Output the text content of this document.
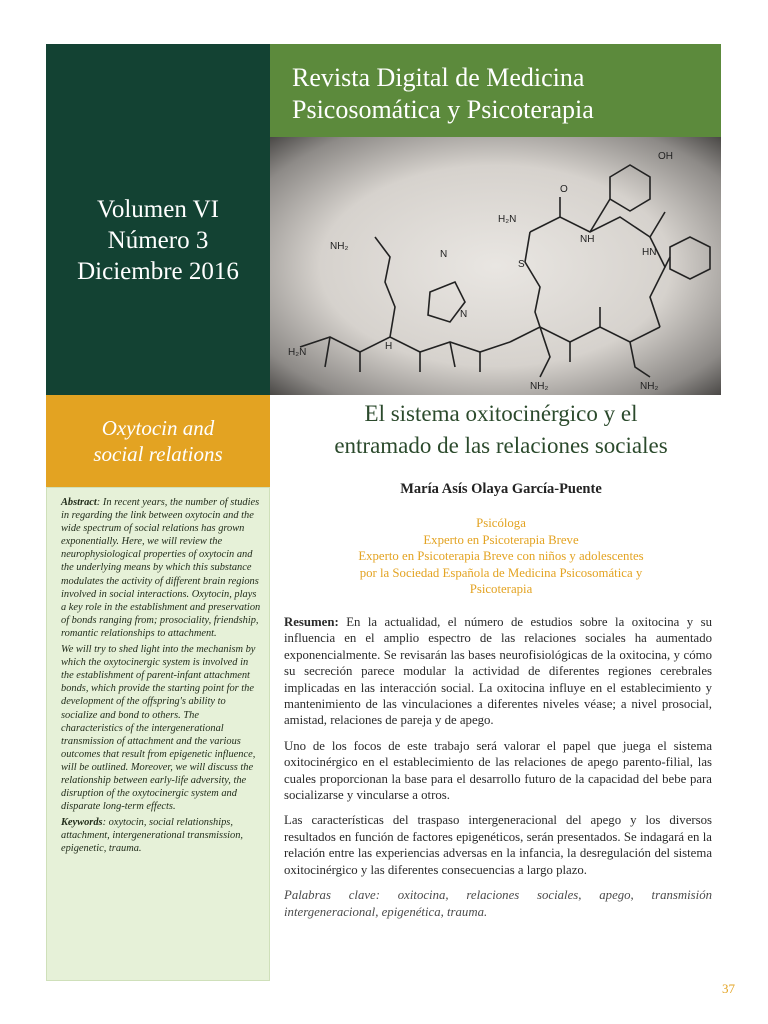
Volumen VI
Número 3
Diciembre 2016
Revista Digital de Medicina
Psicosomática y Psicoterapia
OH
H₂N
NH₂
HN
NH
H
N
O
S
N
NH₂	NH₂
H₂N
Oxytocin and
social relations

Abstract: In recent years, the number of studies in regarding the link between oxytocin and the wide spectrum of social relations has grown exponentially. Here, we will review the neurophysiological properties of oxytocin and the underlying means by which this substance modulates the activity of different brain regions involved in social interactions. Oxytocin, plays a key role in the establishment and preservation of bonds ranging from; prosociality, friendship, romantic relationships to attachment.

We will try to shed light into the mechanism by which the oxytocinergic system is involved in the establishment of parent-infant attachment bonds, which provide the starting point for the development of the offspring's ability to socialize and bond to others. The characteristics of the intergenerational transmission of attachment and the various outcomes that result from epigenetic influence, will be outlined. Moreover, we will discuss the relationship between early-life adversity, the disruption of the oxytocinergic system and disparate long-term effects.

Keywords: oxytocin, social relationships, attachment, intergenerational transmission, epigenetic, trauma.

El sistema oxitocinérgico y el
entramado de las relaciones sociales
María Asís Olaya García-Puente
Psicóloga
Experto en Psicoterapia Breve
Experto en Psicoterapia Breve con niños y adolescentes
por la Sociedad Española de Medicina Psicosomática y
Psicoterapia

Resumen: En la actualidad, el número de estudios sobre la oxitocina y su influencia en el amplio espectro de las relaciones sociales ha aumentado exponencialmente. Se revisarán las bases neurofisiológicas de la oxitocina, y cómo su secreción parece modular la actividad de diferentes regiones cerebrales implicadas en las interacción social. La oxitocina influye en el establecimiento y mantenimiento de las vinculaciones a diferentes niveles véase; a nivel prosocial, amistad, relaciones de pareja y de apego.

Uno de los focos de este trabajo será valorar el papel que juega el sistema oxitocinérgico en el establecimiento de las relaciones de apego parento-filial, las cuales proporcionan la base para el desarrollo futuro de la capacidad del bebe para socializarse y vincularse a otros.

Las características del traspaso intergeneracional del apego y los diversos resultados en función de factores epigenéticos, serán presentados. Se indagará en la relación entre las experiencias adversas en la infancia, la desregulación del sistema oxitocinérgico y las diferentes consecuencias a largo plazo.

Palabras clave: oxitocina, relaciones sociales, apego, transmisión intergeneracional, epigenética, trauma.

37
